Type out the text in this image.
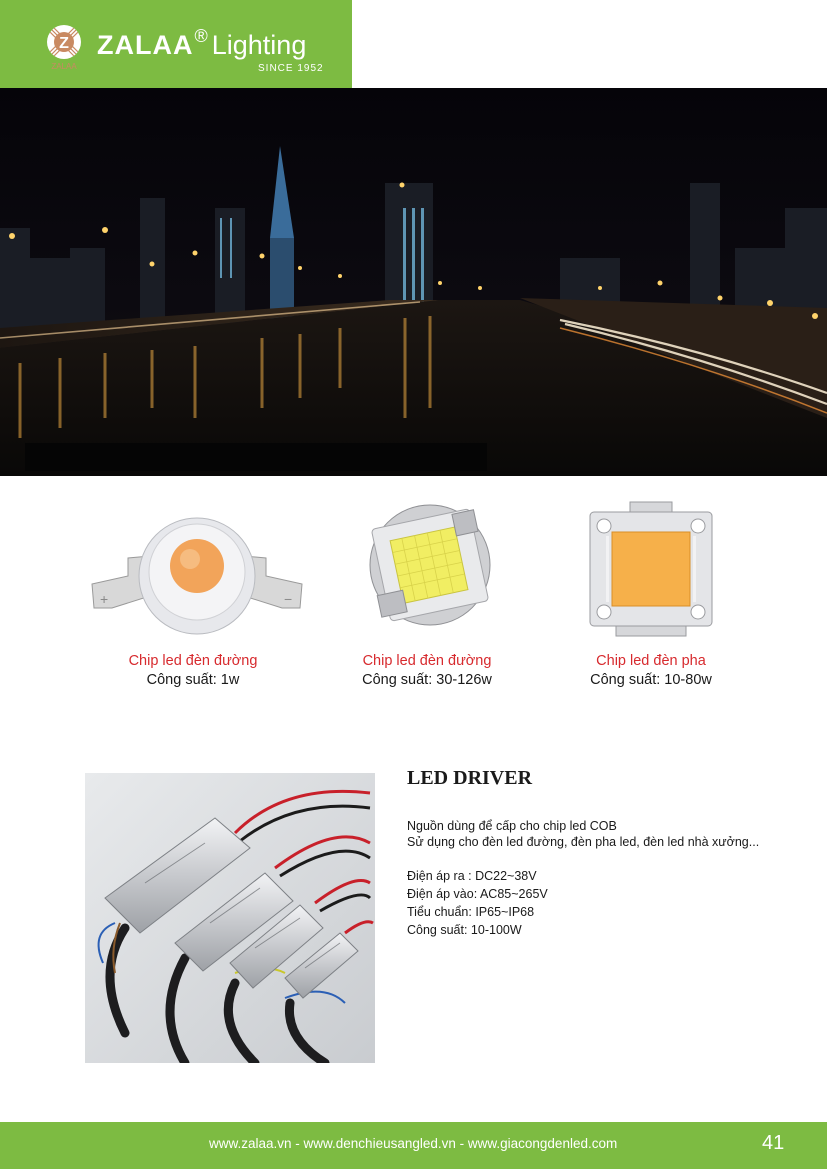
Z
ZALAA
ZALAA® Lighting
SINCE 1952
+	−
Chip led đèn đường
Công suất: 1w
Chip led đèn đường
Công suất: 30-126w
Chip led đèn pha
Công suất: 10-80w
LED DRIVER

Nguồn dùng để cấp cho chip led COB

Sử dụng cho đèn led đường, đèn pha led, đèn led nhà xưởng...

Điện áp ra : DC22~38V

Điện áp vào: AC85~265V

Tiểu chuẩn: IP65~IP68

Công suất: 10-100W

www.zalaa.vn - www.denchieusangled.vn - www.giacongdenled.com	41
